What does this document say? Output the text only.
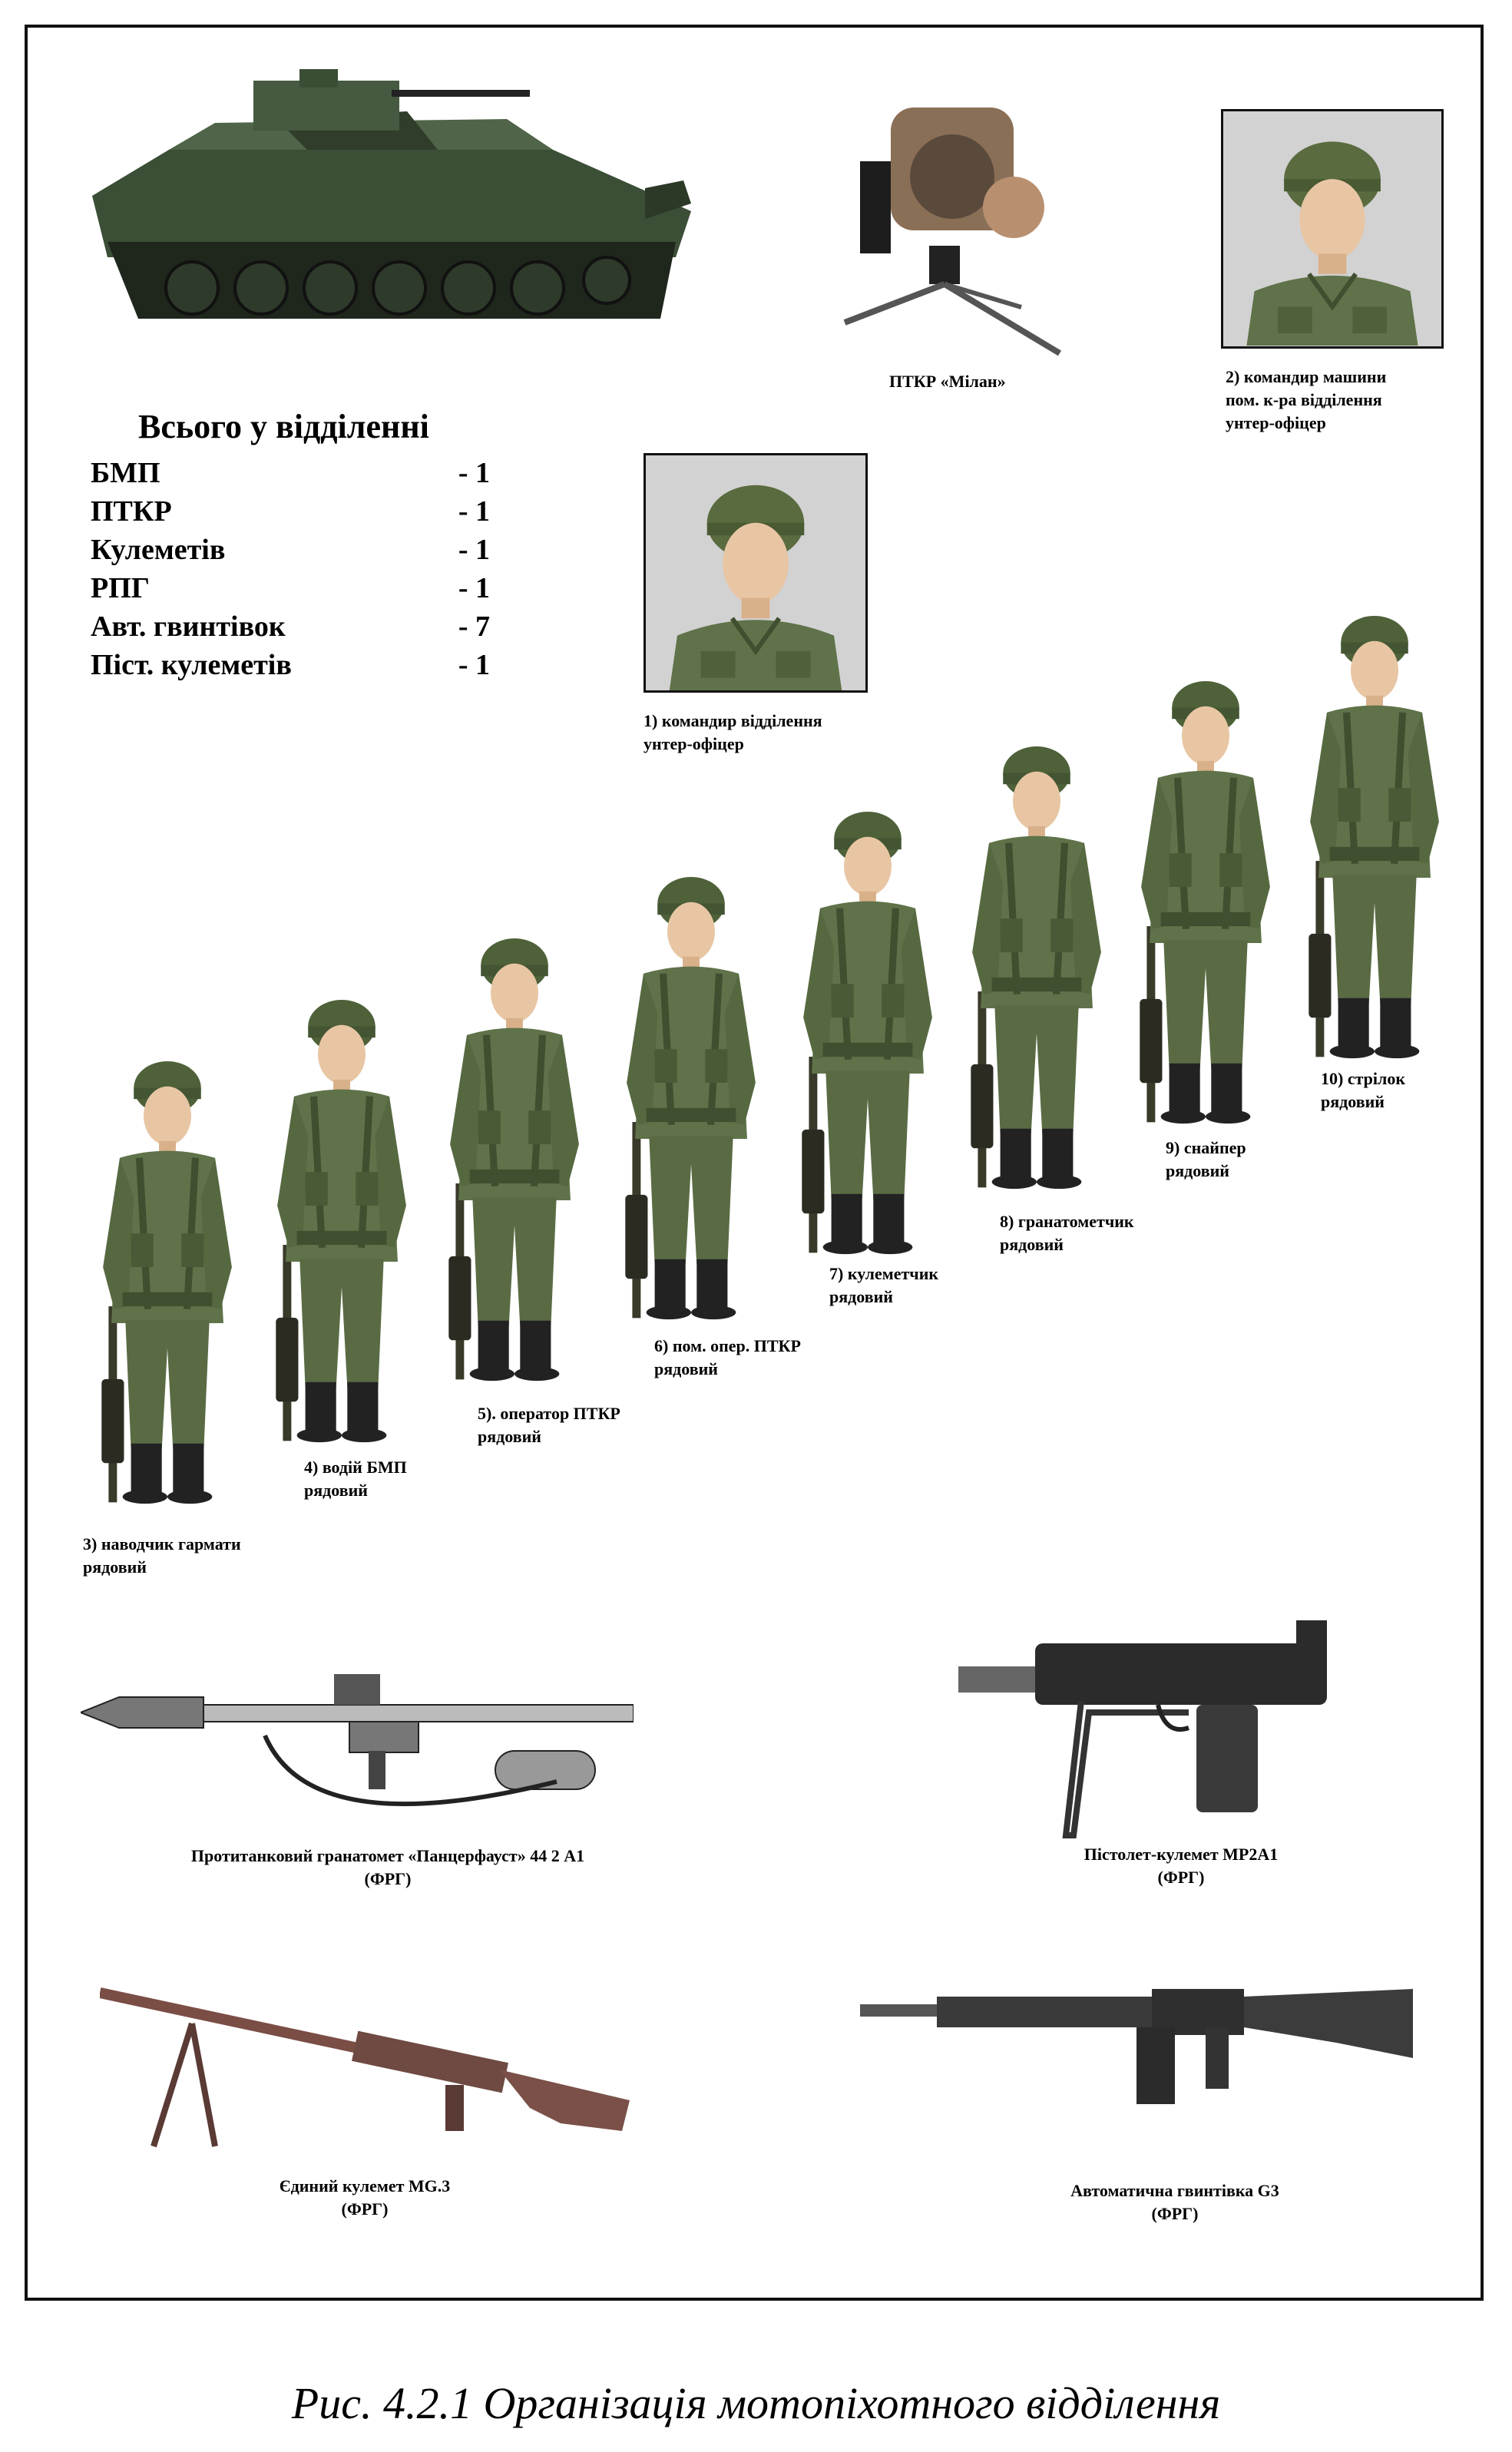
ПТКР «Мілан»	2) командир машини
пом. к-ра відділення
унтер-офіцер
Всього у відділенні
БМП	- 1
ПТКР	- 1
Кулеметів	- 1
РПГ	- 1
Авт. гвинтівок	- 7
Піст. кулеметів	- 1
1) командир відділення
унтер-офіцер
3) наводчик гармати
рядовий
4) водій БМП
рядовий
5). оператор ПТКР
рядовий
6) пом. опер. ПТКР
рядовий
7) кулеметчик
рядовий
8) гранатометчик
рядовий
9) снайпер
рядовий
10) стрілок
рядовий
Протитанковий гранатомет «Панцерфауст» 44 2 А1
(ФРГ)
Пістолет-кулемет МР2А1
(ФРГ)
Єдиний кулемет MG.3
(ФРГ)
Автоматична гвинтівка G3
(ФРГ)
Рис. 4.2.1 Організація мотопіхотного відділення
